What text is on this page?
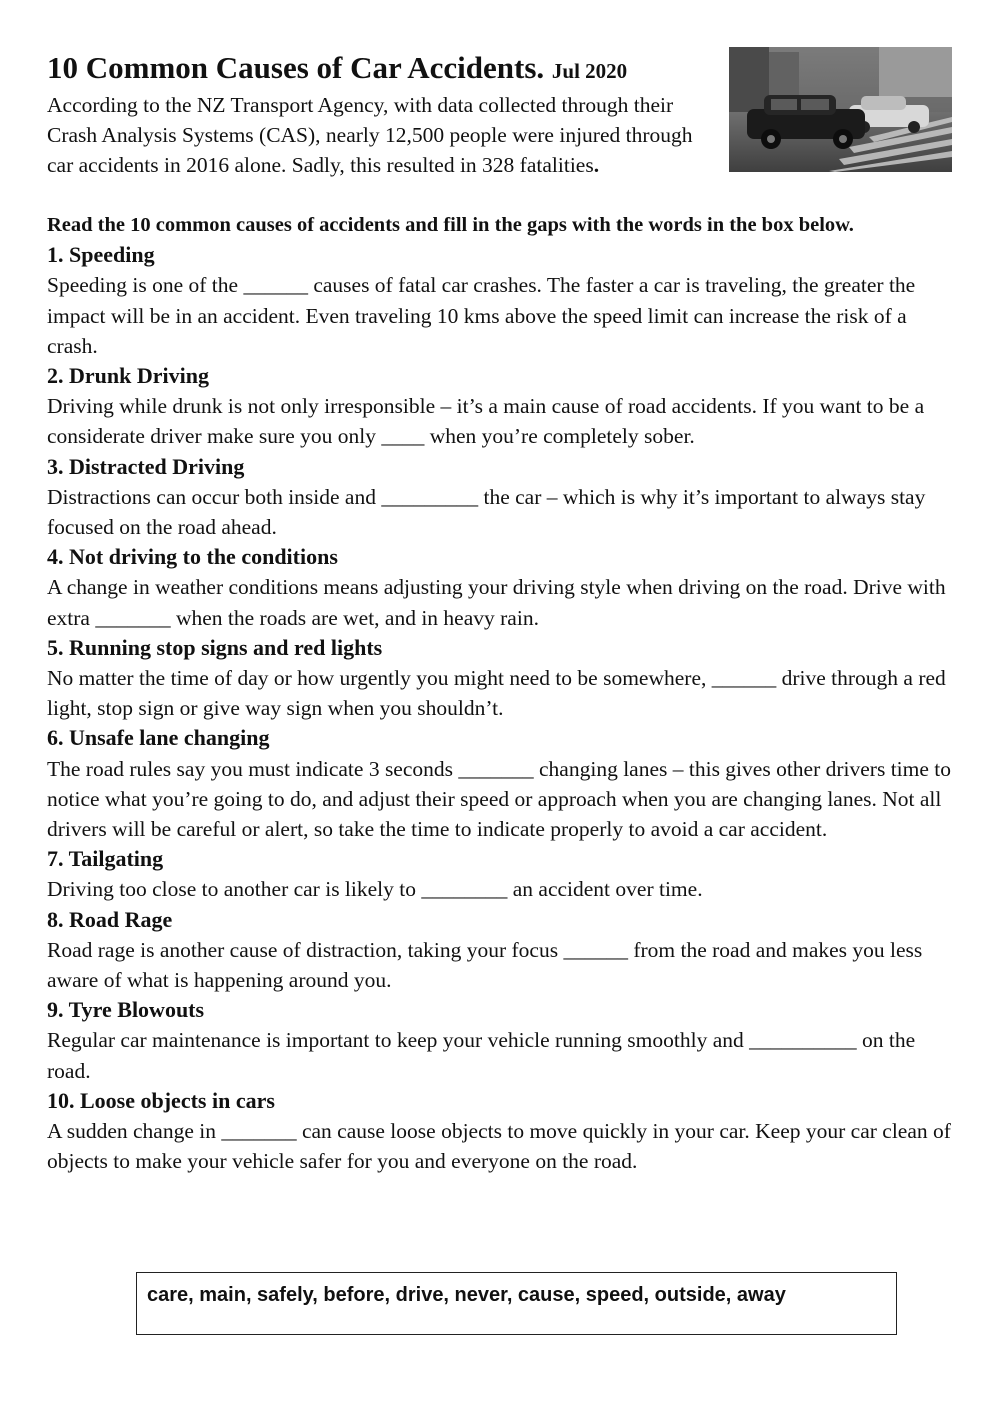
10 Common Causes of Car Accidents. Jul 2020

According to the NZ Transport Agency, with data collected through their Crash Analysis Systems (CAS), nearly 12,500 people were injured through car accidents in 2016 alone. Sadly, this resulted in 328 fatalities.

Read the 10 common causes of accidents and fill in the gaps with the words in the box below.

1. Speeding

Speeding is one of the ______ causes of fatal car crashes. The faster a car is traveling, the greater the impact will be in an accident. Even traveling 10 kms above the speed limit can increase the risk of a crash.

2. Drunk Driving

Driving while drunk is not only irresponsible – it’s a main cause of road accidents. If you want to be a considerate driver make sure you only ____ when you’re completely sober.

3. Distracted Driving

Distractions can occur both inside and _________ the car – which is why it’s important to always stay focused on the road ahead.

4. Not driving to the conditions

A change in weather conditions means adjusting your driving style when driving on the road. Drive with extra _______ when the roads are wet, and in heavy rain.

5. Running stop signs and red lights

No matter the time of day or how urgently you might need to be somewhere, ______ drive through a red light, stop sign or give way sign when you shouldn’t.

6. Unsafe lane changing

The road rules say you must indicate 3 seconds _______ changing lanes – this gives other drivers time to notice what you’re going to do, and adjust their speed or approach when you are changing lanes. Not all drivers will be careful or alert, so take the time to indicate properly to avoid a car accident.

7. Tailgating

Driving too close to another car is likely to ________ an accident over time.

8. Road Rage

Road rage is another cause of distraction, taking your focus ______ from the road and makes you less aware of what is happening around you.

9. Tyre Blowouts

Regular car maintenance is important to keep your vehicle running smoothly and __________ on the road.

10. Loose objects in cars

A sudden change in _______ can cause loose objects to move quickly in your car. Keep your car clean of objects to make your vehicle safer for you and everyone on the road.

care, main, safely, before, drive, never, cause, speed, outside, away
